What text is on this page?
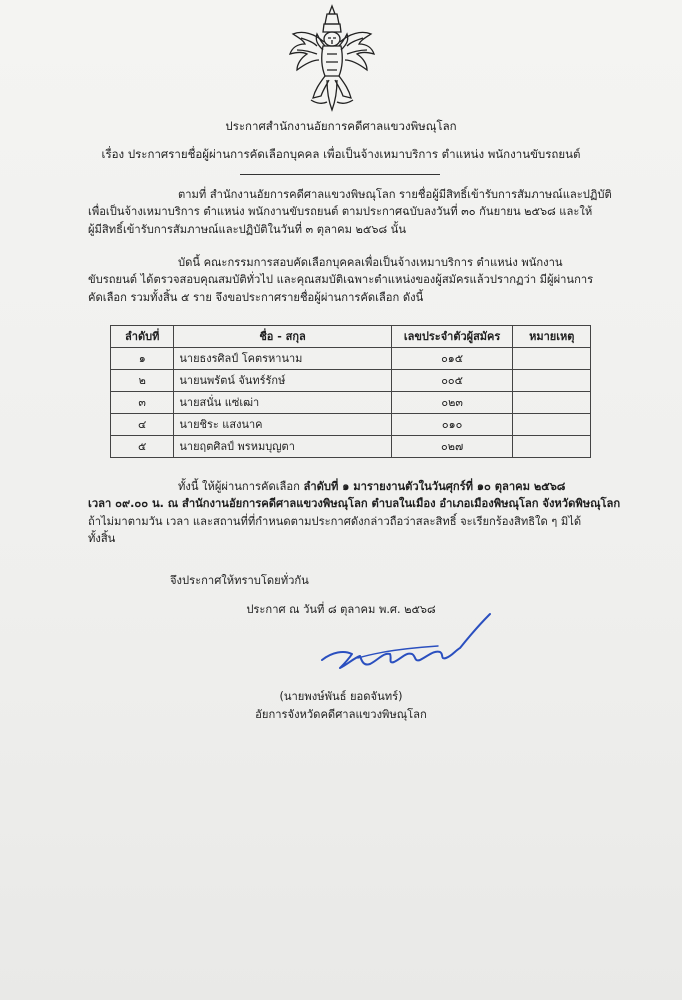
ประกาศสำนักงานอัยการคดีศาลแขวงพิษณุโลก
เรื่อง ประกาศรายชื่อผู้ผ่านการคัดเลือกบุคคล เพื่อเป็นจ้างเหมาบริการ ตำแหน่ง พนักงานขับรถยนต์
ตามที่ สำนักงานอัยการคดีศาลแขวงพิษณุโลก รายชื่อผู้มีสิทธิ์เข้ารับการสัมภาษณ์และปฏิบัติ
เพื่อเป็นจ้างเหมาบริการ ตำแหน่ง พนักงานขับรถยนต์ ตามประกาศฉบับลงวันที่ ๓๐ กันยายน ๒๕๖๘ และให้
ผู้มีสิทธิ์เข้ารับการสัมภาษณ์และปฏิบัติในวันที่ ๓ ตุลาคม ๒๕๖๘ นั้น
บัดนี้ คณะกรรมการสอบคัดเลือกบุคคลเพื่อเป็นจ้างเหมาบริการ ตำแหน่ง พนักงาน
ขับรถยนต์ ได้ตรวจสอบคุณสมบัติทั่วไป และคุณสมบัติเฉพาะตำแหน่งของผู้สมัครแล้วปรากฏว่า มีผู้ผ่านการ
คัดเลือก รวมทั้งสิ้น ๕ ราย จึงขอประกาศรายชื่อผู้ผ่านการคัดเลือก ดังนี้
ลำดับที่	ชื่อ - สกุล	เลขประจำตัวผู้สมัคร	หมายเหตุ
๑	นายธงรศิลป์ โคตรหานาม	๐๑๕	
๒	นายนพรัตน์ จันทร์รักษ์	๐๐๕	
๓	นายสนั่น แซ่เฒ่า	๐๒๓	
๔	นายชิระ แสงนาค	๐๑๐	
๕	นายฤตศิลป์ พรหมบุญตา	๐๒๗	
ทั้งนี้ ให้ผู้ผ่านการคัดเลือก ลำดับที่ ๑ มารายงานตัวในวันศุกร์ที่ ๑๐ ตุลาคม ๒๕๖๘
เวลา ๐๙.๐๐ น. ณ สำนักงานอัยการคดีศาลแขวงพิษณุโลก ตำบลในเมือง อำเภอเมืองพิษณุโลก จังหวัดพิษณุโลก
ถ้าไม่มาตามวัน เวลา และสถานที่ที่กำหนดตามประกาศดังกล่าวถือว่าสละสิทธิ์ จะเรียกร้องสิทธิใด ๆ มิได้
ทั้งสิ้น
จึงประกาศให้ทราบโดยทั่วกัน
ประกาศ ณ วันที่ ๘ ตุลาคม พ.ศ. ๒๕๖๘
(นายพงษ์พันธ์ ยอดจันทร์)
อัยการจังหวัดคดีศาลแขวงพิษณุโลก
